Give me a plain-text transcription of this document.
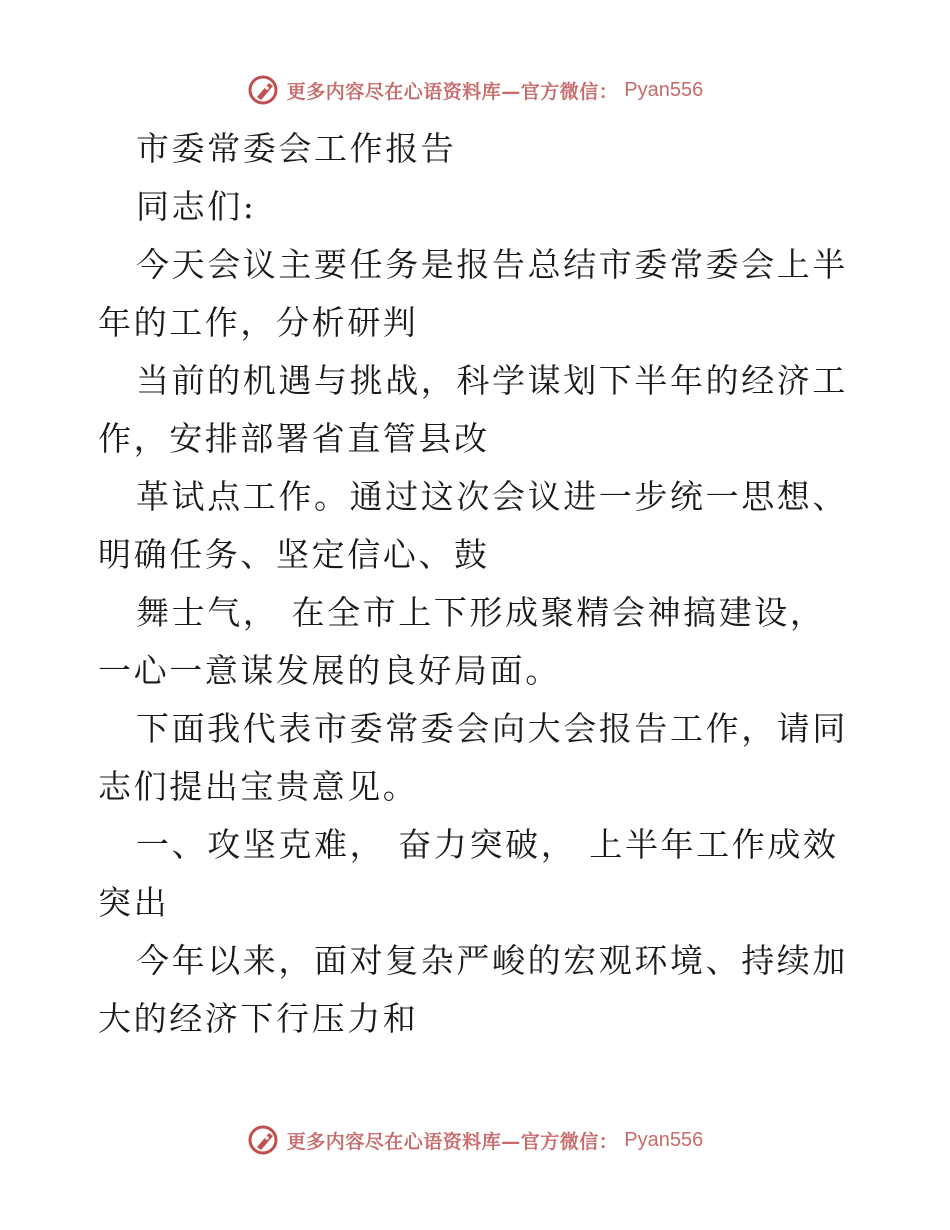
更多内容尽在心语资料库—官方微信： Pyan556

市委常委会工作报告

同志们:

今天会议主要任务是报告总结市委常委会上半年的工作，分析研判

当前的机遇与挑战，科学谋划下半年的经济工作，安排部署省直管县改

革试点工作。通过这次会议进一步统一思想、明确任务、坚定信心、鼓

舞士气， 在全市上下形成聚精会神搞建设， 一心一意谋发展的良好局面。

下面我代表市委常委会向大会报告工作，请同志们提出宝贵意见。

一、攻坚克难， 奋力突破， 上半年工作成效突出

今年以来，面对复杂严峻的宏观环境、持续加大的经济下行压力和

更多内容尽在心语资料库—官方微信： Pyan556
